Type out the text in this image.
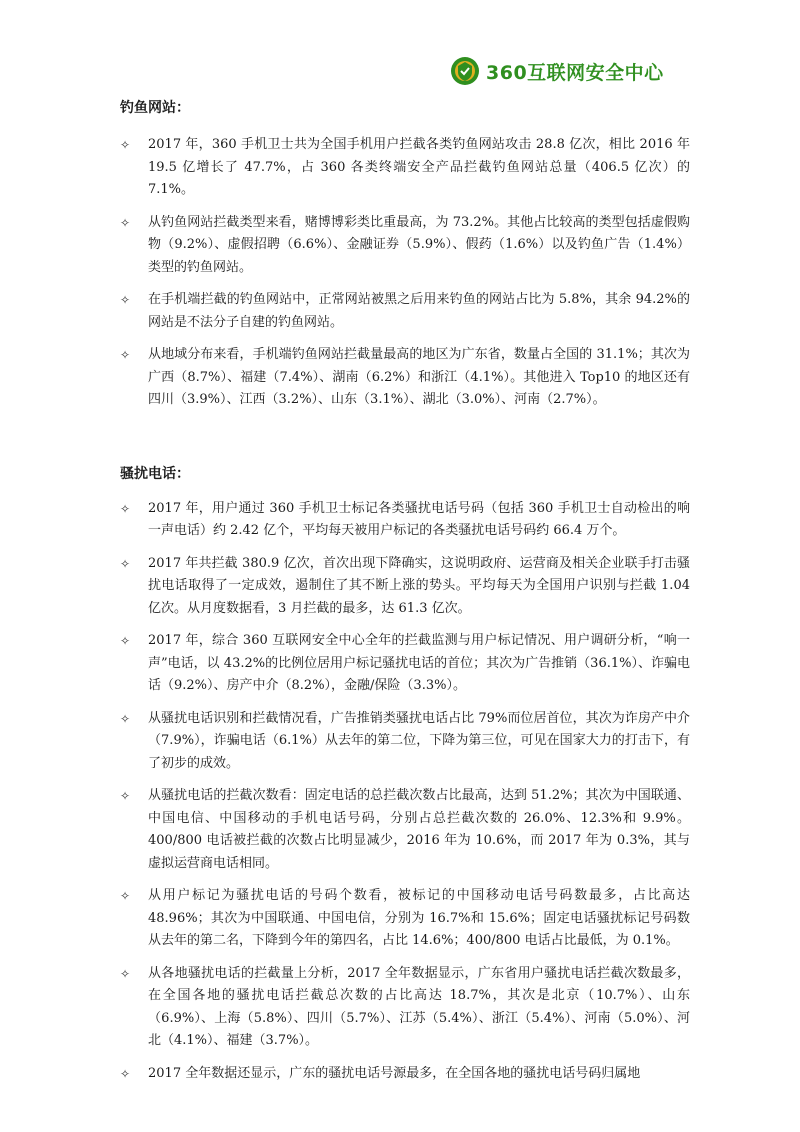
360互联网安全中心

钓鱼网站：

✧ 2017 年，360 手机卫士共为全国手机用户拦截各类钓鱼网站攻击 28.8 亿次，相比 2016 年 19.5 亿增长了 47.7%，占 360 各类终端安全产品拦截钓鱼网站总量（406.5 亿次）的 7.1%。

✧ 从钓鱼网站拦截类型来看，赌博博彩类比重最高，为 73.2%。其他占比较高的类型包括虚假购物（9.2%）、虚假招聘（6.6%）、金融证券（5.9%）、假药（1.6%）以及钓鱼广告（1.4%）类型的钓鱼网站。

✧ 在手机端拦截的钓鱼网站中，正常网站被黑之后用来钓鱼的网站占比为 5.8%，其余 94.2%的网站是不法分子自建的钓鱼网站。

✧ 从地域分布来看，手机端钓鱼网站拦截量最高的地区为广东省，数量占全国的 31.1%；其次为广西（8.7%）、福建（7.4%）、湖南（6.2%）和浙江（4.1%）。其他进入 Top10 的地区还有四川（3.9%）、江西（3.2%）、山东（3.1%）、湖北（3.0%）、河南（2.7%）。

骚扰电话：

✧ 2017 年，用户通过 360 手机卫士标记各类骚扰电话号码（包括 360 手机卫士自动检出的响一声电话）约 2.42 亿个，平均每天被用户标记的各类骚扰电话号码约 66.4 万个。

✧ 2017 年共拦截 380.9 亿次，首次出现下降确实，这说明政府、运营商及相关企业联手打击骚扰电话取得了一定成效，遏制住了其不断上涨的势头。平均每天为全国用户识别与拦截 1.04 亿次。从月度数据看，3 月拦截的最多，达 61.3 亿次。

✧ 2017 年，综合 360 互联网安全中心全年的拦截监测与用户标记情况、用户调研分析，“响一声”电话，以 43.2%的比例位居用户标记骚扰电话的首位；其次为广告推销（36.1%）、诈骗电话（9.2%）、房产中介（8.2%），金融/保险（3.3%）。

✧ 从骚扰电话识别和拦截情况看，广告推销类骚扰电话占比 79%而位居首位，其次为诈房产中介（7.9%），诈骗电话（6.1%）从去年的第二位，下降为第三位，可见在国家大力的打击下，有了初步的成效。

✧ 从骚扰电话的拦截次数看：固定电话的总拦截次数占比最高，达到 51.2%；其次为中国联通、中国电信、中国移动的手机电话号码，分别占总拦截次数的 26.0%、12.3%和 9.9%。400/800 电话被拦截的次数占比明显减少，2016 年为 10.6%，而 2017 年为 0.3%，其与虚拟运营商电话相同。

✧ 从用户标记为骚扰电话的号码个数看，被标记的中国移动电话号码数最多，占比高达 48.96%；其次为中国联通、中国电信，分别为 16.7%和 15.6%；固定电话骚扰标记号码数从去年的第二名，下降到今年的第四名，占比 14.6%；400/800 电话占比最低，为 0.1%。

✧ 从各地骚扰电话的拦截量上分析，2017 全年数据显示，广东省用户骚扰电话拦截次数最多，在全国各地的骚扰电话拦截总次数的占比高达 18.7%，其次是北京（10.7%）、山东（6.9%）、上海（5.8%）、四川（5.7%）、江苏（5.4%）、浙江（5.4%）、河南（5.0%）、河北（4.1%）、福建（3.7%）。

✧ 2017 全年数据还显示，广东的骚扰电话号源最多，在全国各地的骚扰电话号码归属地
